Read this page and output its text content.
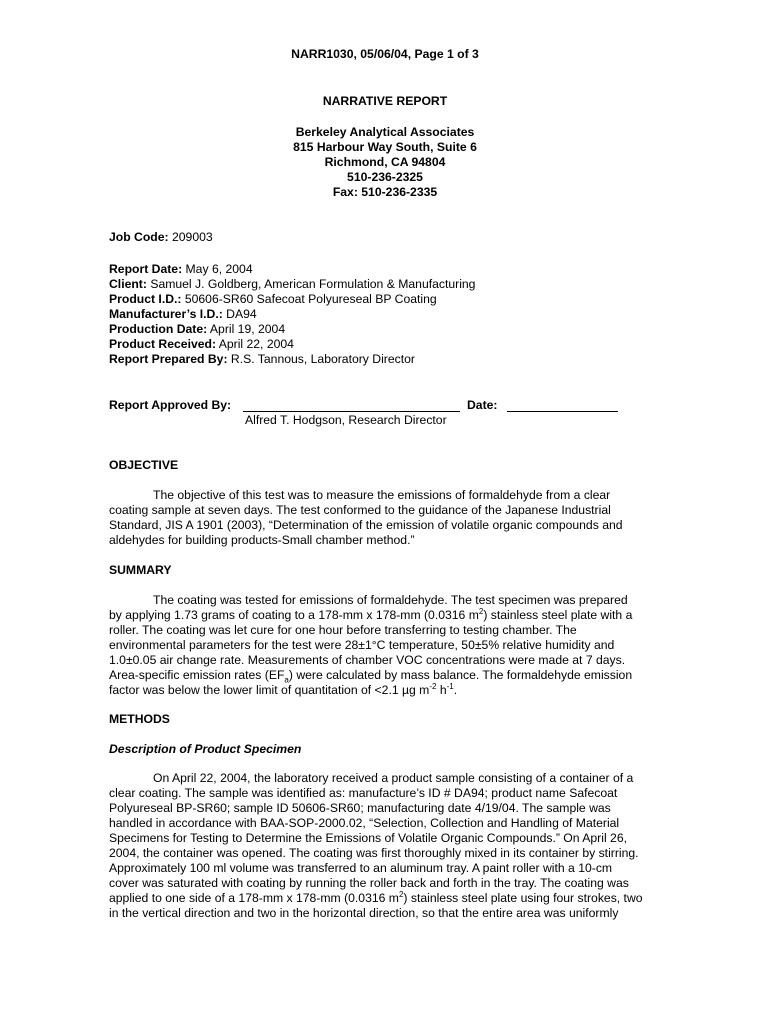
NARR1030, 05/06/04, Page 1 of 3
NARRATIVE REPORT
Berkeley Analytical Associates
815 Harbour Way South, Suite 6
Richmond, CA 94804
510-236-2325
Fax: 510-236-2335
Job Code: 209003
Report Date: May 6, 2004
Client: Samuel J. Goldberg, American Formulation & Manufacturing
Product I.D.: 50606-SR60 Safecoat Polyureseal BP Coating
Manufacturer’s I.D.: DA94
Production Date: April 19, 2004
Product Received: April 22, 2004
Report Prepared By: R.S. Tannous, Laboratory Director
Report Approved By:	Date:
Alfred T. Hodgson, Research Director
OBJECTIVE
The objective of this test was to measure the emissions of formaldehyde from a clear
coating sample at seven days. The test conformed to the guidance of the Japanese Industrial
Standard, JIS A 1901 (2003), “Determination of the emission of volatile organic compounds and
aldehydes for building products-Small chamber method.”
SUMMARY
The coating was tested for emissions of formaldehyde. The test specimen was prepared
by applying 1.73 grams of coating to a 178-mm x 178-mm (0.0316 $m^2$) stainless steel plate with a
roller. The coating was let cure for one hour before transferring to testing chamber. The
environmental parameters for the test were 28±1°C temperature, 50±5% relative humidity and
1.0±0.05 air change rate. Measurements of chamber VOC concentrations were made at 7 days.
Area-specific emission rates $(EF_a)$ were calculated by mass balance. The formaldehyde emission
factor was below the lower limit of quantitation of <2.1 µg $m^{-2}$ $h^{-1}$.
METHODS
Description of Product Specimen
On April 22, 2004, the laboratory received a product sample consisting of a container of a
clear coating. The sample was identified as: manufacture’s ID # DA94; product name Safecoat
Polyureseal BP-SR60; sample ID 50606-SR60; manufacturing date 4/19/04. The sample was
handled in accordance with BAA-SOP-2000.02, “Selection, Collection and Handling of Material
Specimens for Testing to Determine the Emissions of Volatile Organic Compounds.” On April 26,
2004, the container was opened. The coating was first thoroughly mixed in its container by stirring.
Approximately 100 ml volume was transferred to an aluminum tray. A paint roller with a 10-cm
cover was saturated with coating by running the roller back and forth in the tray. The coating was
applied to one side of a 178-mm x 178-mm (0.0316 $m^2$) stainless steel plate using four strokes, two
in the vertical direction and two in the horizontal direction, so that the entire area was uniformly
